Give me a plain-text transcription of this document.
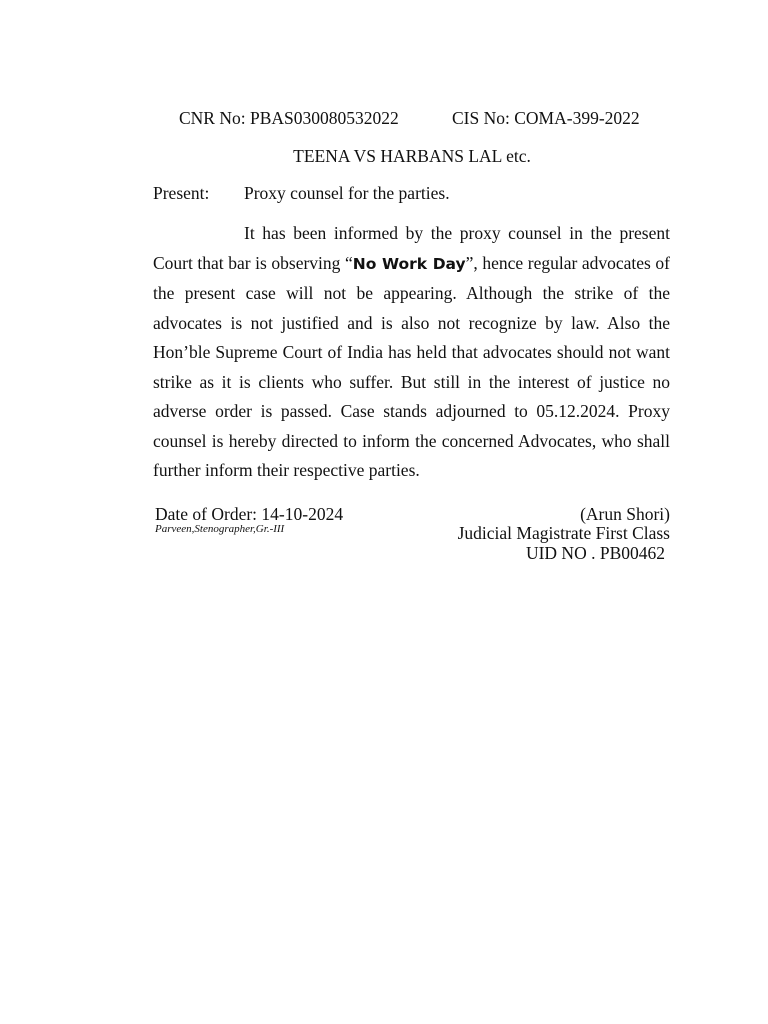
CNR No: PBAS030080532022	CIS No: COMA-399-2022
TEENA VS HARBANS LAL etc.
Present: Proxy counsel for the parties.

It has been informed by the proxy counsel in the present Court that bar is observing “No Work Day”, hence regular advocates of the present case will not be appearing. Although the strike of the advocates is not justified and is also not recognize by law. Also the Hon’ble Supreme Court of India has held that advocates should not want strike as it is clients who suffer. But still in the interest of justice no adverse order is passed. Case stands adjourned to 05.12.2024. Proxy counsel is hereby directed to inform the concerned Advocates, who shall further inform their respective parties.

Date of Order: 14-10-2024
Parveen,Stenographer,Gr.-III
(Arun Shori)
Judicial Magistrate First Class
UID NO . PB00462
